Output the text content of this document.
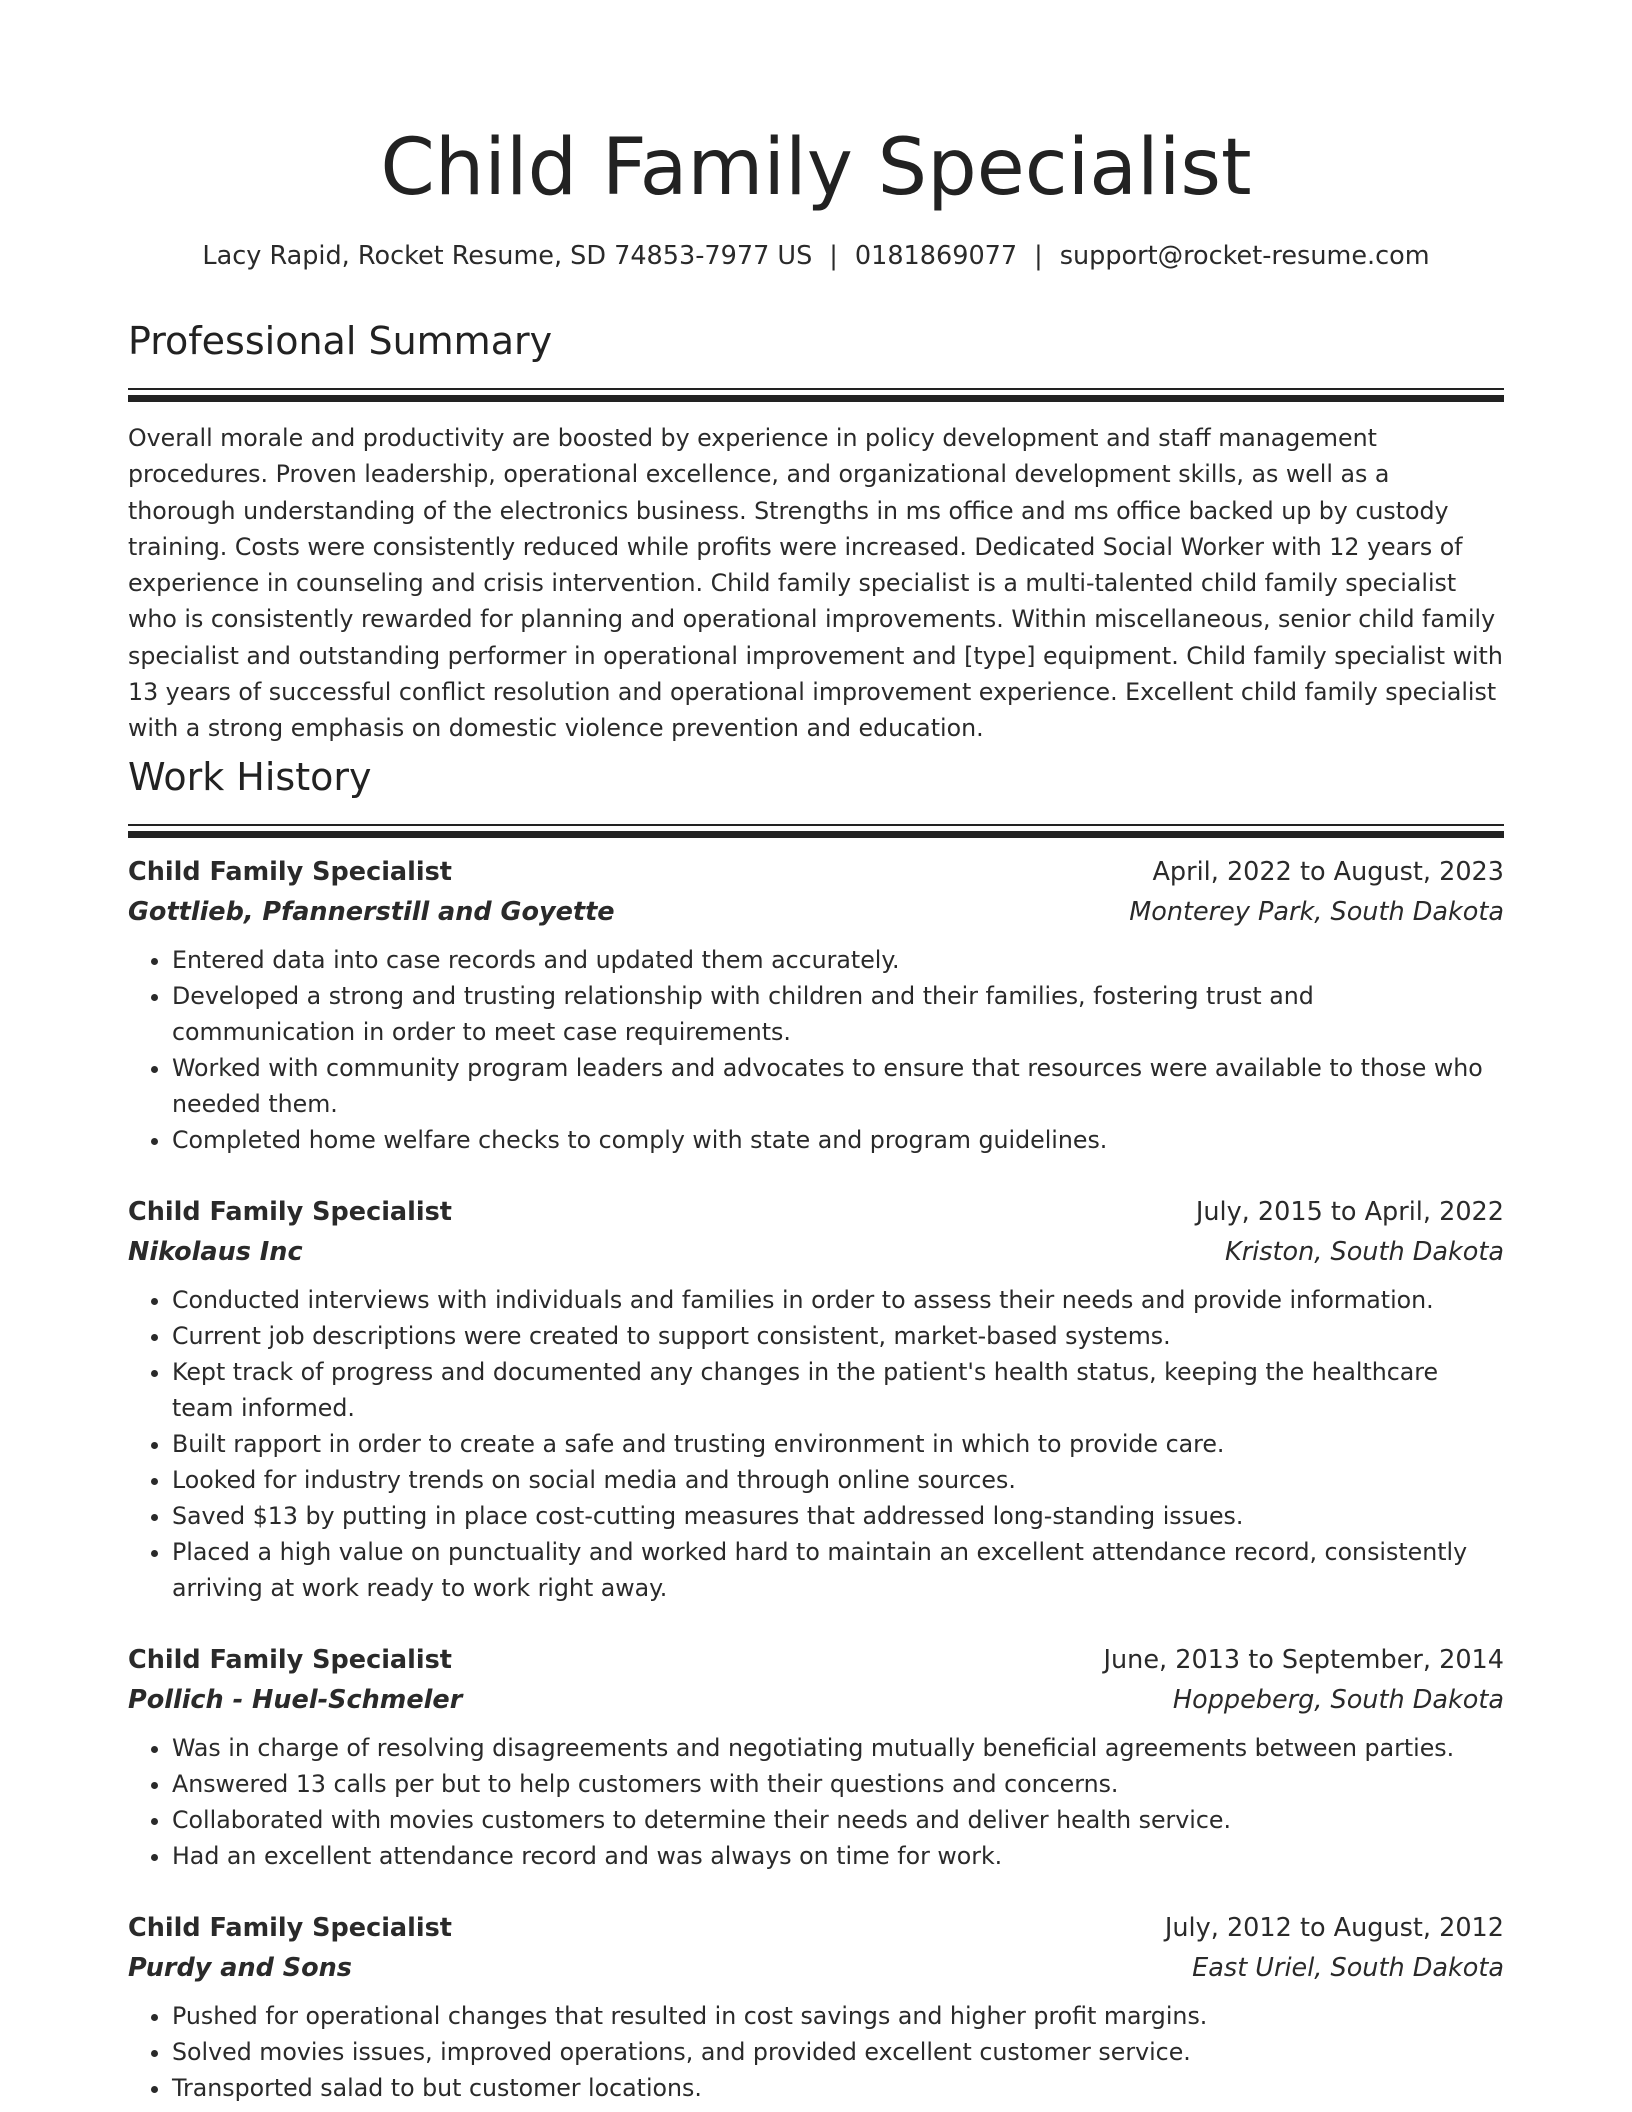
Child Family Specialist
Lacy Rapid, Rocket Resume, SD 74853-7977 US | 0181869077 | support@rocket-resume.com
Professional Summary

Overall morale and productivity are boosted by experience in policy development and staff management procedures. Proven leadership, operational excellence, and organizational development skills, as well as a thorough understanding of the electronics business. Strengths in ms office and ms office backed up by custody training. Costs were consistently reduced while profits were increased. Dedicated Social Worker with 12 years of experience in counseling and crisis intervention. Child family specialist is a multi-talented child family specialist who is consistently rewarded for planning and operational improvements. Within miscellaneous, senior child family specialist and outstanding performer in operational improvement and [type] equipment. Child family specialist with 13 years of successful conflict resolution and operational improvement experience. Excellent child family specialist with a strong emphasis on domestic violence prevention and education.

Work History
Child Family Specialist	April, 2022 to August, 2023
Gottlieb, Pfannerstill and Goyette	Monterey Park, South Dakota
• Entered data into case records and updated them accurately.
• Developed a strong and trusting relationship with children and their families, fostering trust and communication in order to meet case requirements.
• Worked with community program leaders and advocates to ensure that resources were available to those who needed them.
• Completed home welfare checks to comply with state and program guidelines.
Child Family Specialist	July, 2015 to April, 2022
Nikolaus Inc	Kriston, South Dakota
• Conducted interviews with individuals and families in order to assess their needs and provide information.
• Current job descriptions were created to support consistent, market-based systems.
• Kept track of progress and documented any changes in the patient's health status, keeping the healthcare team informed.
• Built rapport in order to create a safe and trusting environment in which to provide care.
• Looked for industry trends on social media and through online sources.
• Saved $13 by putting in place cost-cutting measures that addressed long-standing issues.
• Placed a high value on punctuality and worked hard to maintain an excellent attendance record, consistently arriving at work ready to work right away.
Child Family Specialist	June, 2013 to September, 2014
Pollich - Huel-Schmeler	Hoppeberg, South Dakota
• Was in charge of resolving disagreements and negotiating mutually beneficial agreements between parties.
• Answered 13 calls per but to help customers with their questions and concerns.
• Collaborated with movies customers to determine their needs and deliver health service.
• Had an excellent attendance record and was always on time for work.
Child Family Specialist	July, 2012 to August, 2012
Purdy and Sons	East Uriel, South Dakota
• Pushed for operational changes that resulted in cost savings and higher profit margins.
• Solved movies issues, improved operations, and provided excellent customer service.
• Transported salad to but customer locations.
